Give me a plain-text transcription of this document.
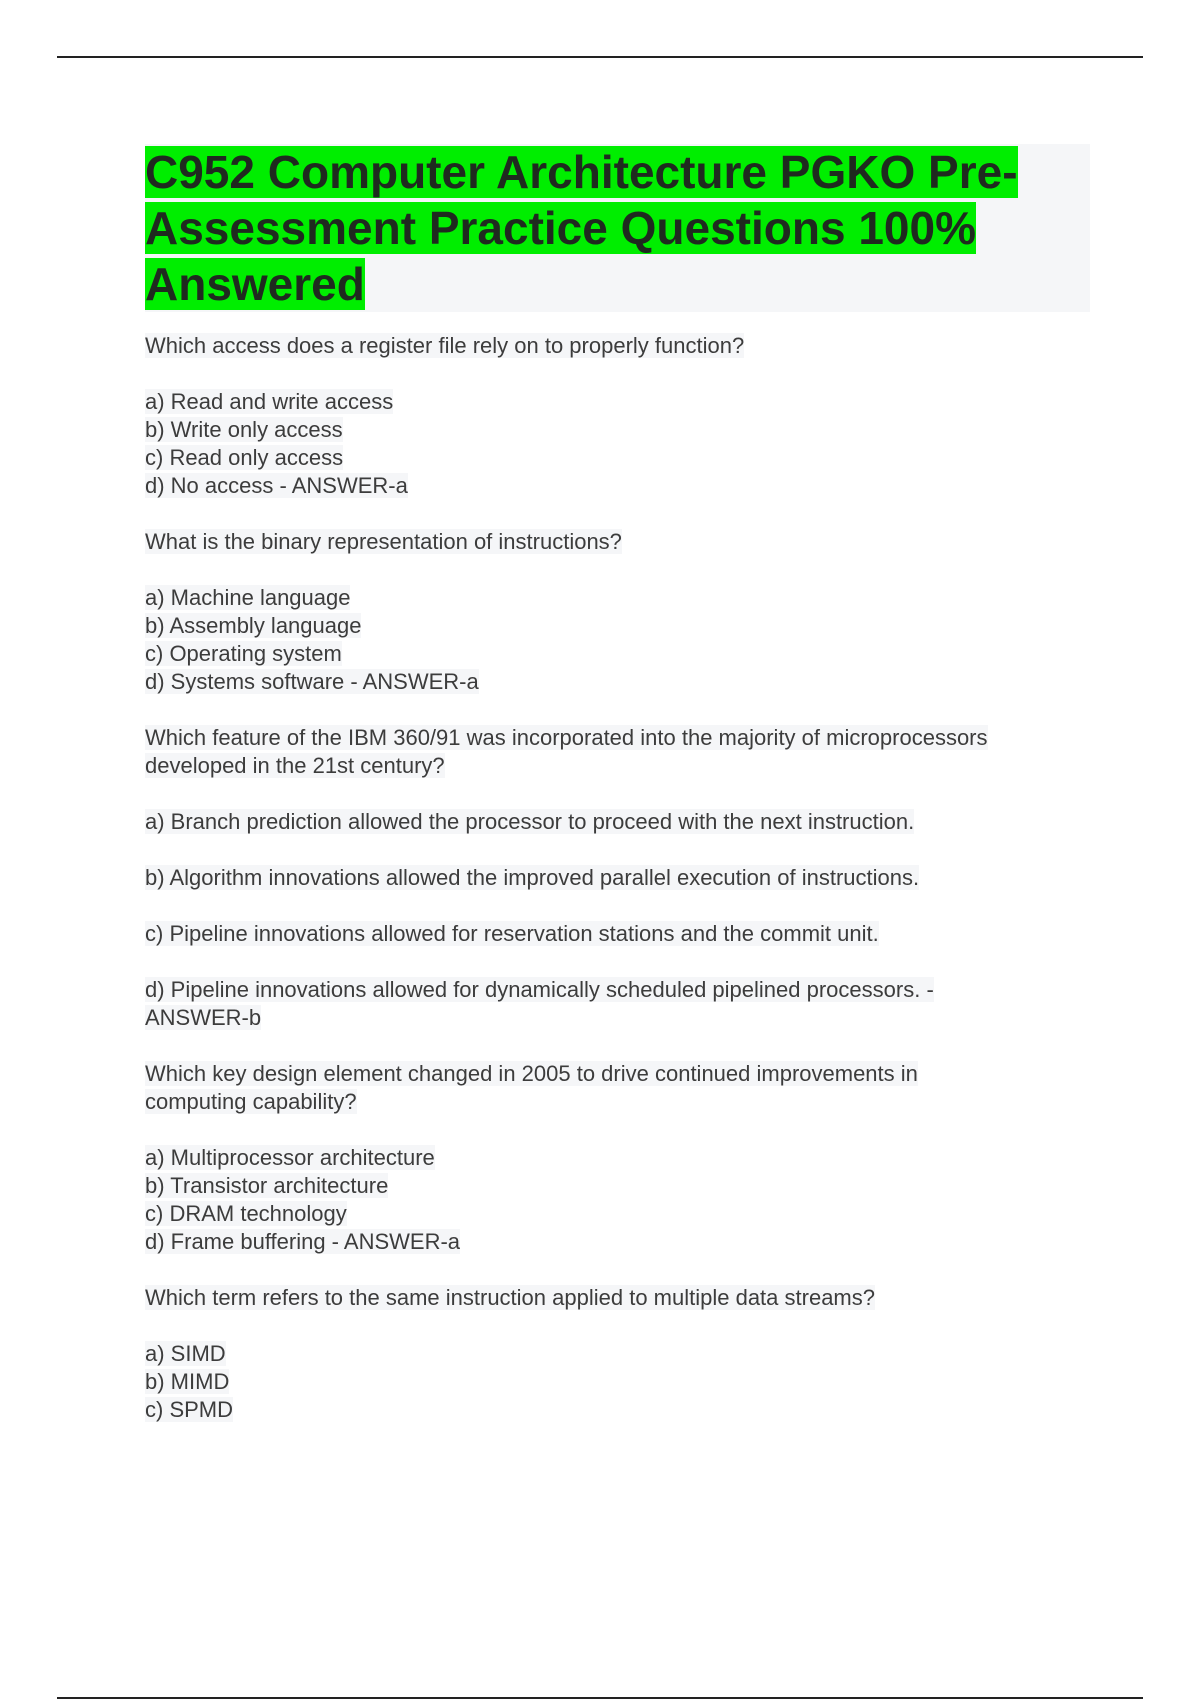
C952 Computer Architecture PGKO Pre-
Assessment Practice Questions 100%
Answered
Which access does a register file rely on to properly function?
a) Read and write access
b) Write only access
c) Read only access
d) No access - ANSWER-a
What is the binary representation of instructions?
a) Machine language
b) Assembly language
c) Operating system
d) Systems software - ANSWER-a
Which feature of the IBM 360/91 was incorporated into the majority of microprocessors
developed in the 21st century?
a) Branch prediction allowed the processor to proceed with the next instruction.
b) Algorithm innovations allowed the improved parallel execution of instructions.
c) Pipeline innovations allowed for reservation stations and the commit unit.
d) Pipeline innovations allowed for dynamically scheduled pipelined processors. -
ANSWER-b
Which key design element changed in 2005 to drive continued improvements in
computing capability?
a) Multiprocessor architecture
b) Transistor architecture
c) DRAM technology
d) Frame buffering - ANSWER-a
Which term refers to the same instruction applied to multiple data streams?
a) SIMD
b) MIMD
c) SPMD
